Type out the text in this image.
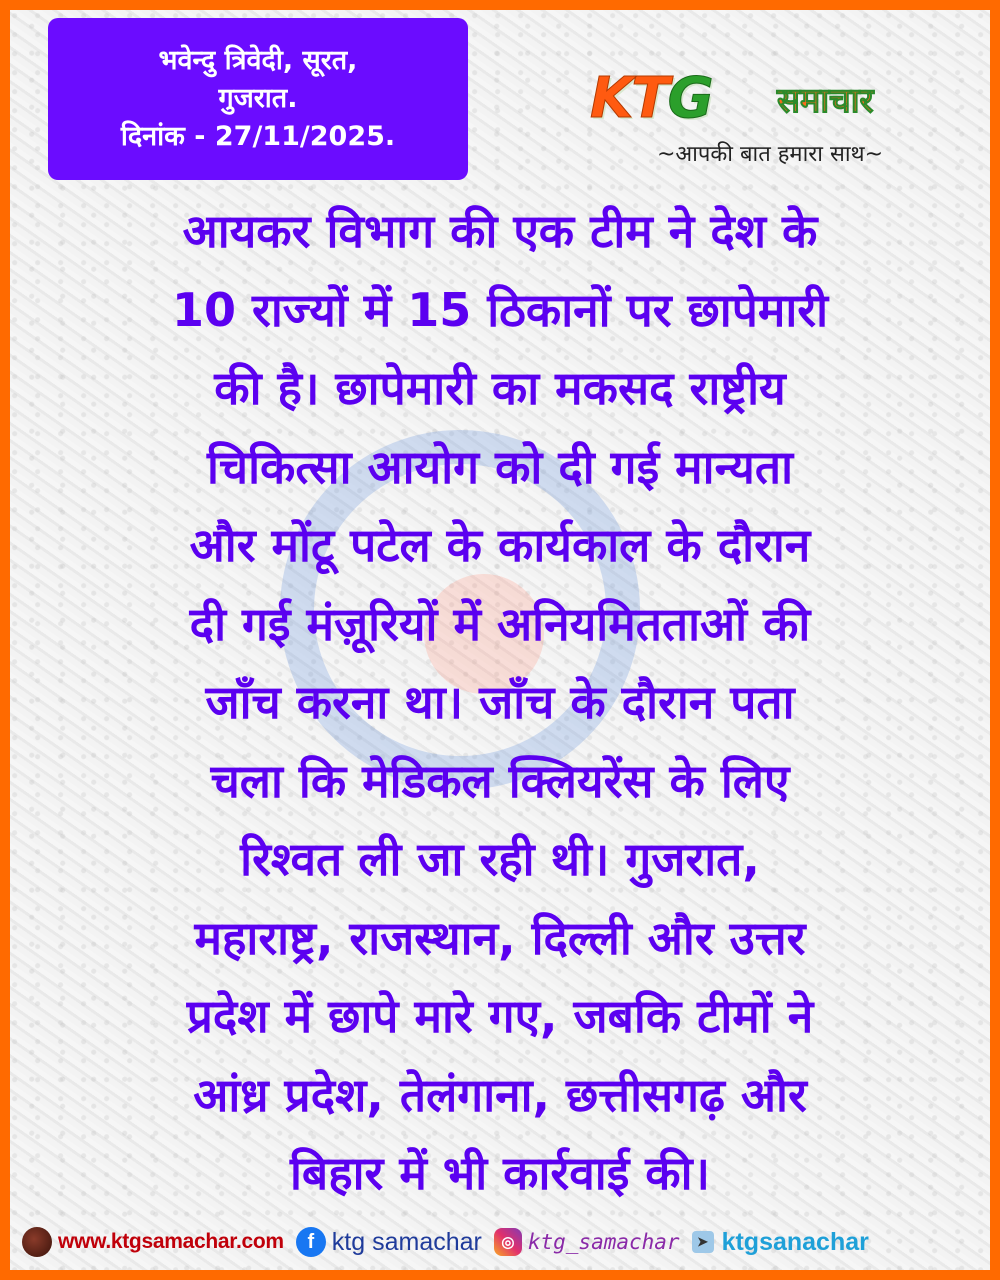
भवेन्दु त्रिवेदी, सूरत,
गुजरात.
दिनांक - 27/11/2025.
KTG समाचार
~आपकी बात हमारा साथ~
आयकर विभाग की एक टीम ने देश के
10 राज्यों में 15 ठिकानों पर छापेमारी
की है। छापेमारी का मकसद राष्ट्रीय
चिकित्सा आयोग को दी गई मान्यता
और मोंटू पटेल के कार्यकाल के दौरान
दी गई मंज़ूरियों में अनियमितताओं की
जाँच करना था। जाँच के दौरान पता
चला कि मेडिकल क्लियरेंस के लिए
रिश्वत ली जा रही थी। गुजरात,
महाराष्ट्र, राजस्थान, दिल्ली और उत्तर
प्रदेश में छापे मारे गए, जबकि टीमों ने
आंध्र प्रदेश, तेलंगाना, छत्तीसगढ़ और
बिहार में भी कार्रवाई की।
www.ktgsamachar.com	f ktg samachar	◎ ktg_samachar	➤ ktgsanachar
